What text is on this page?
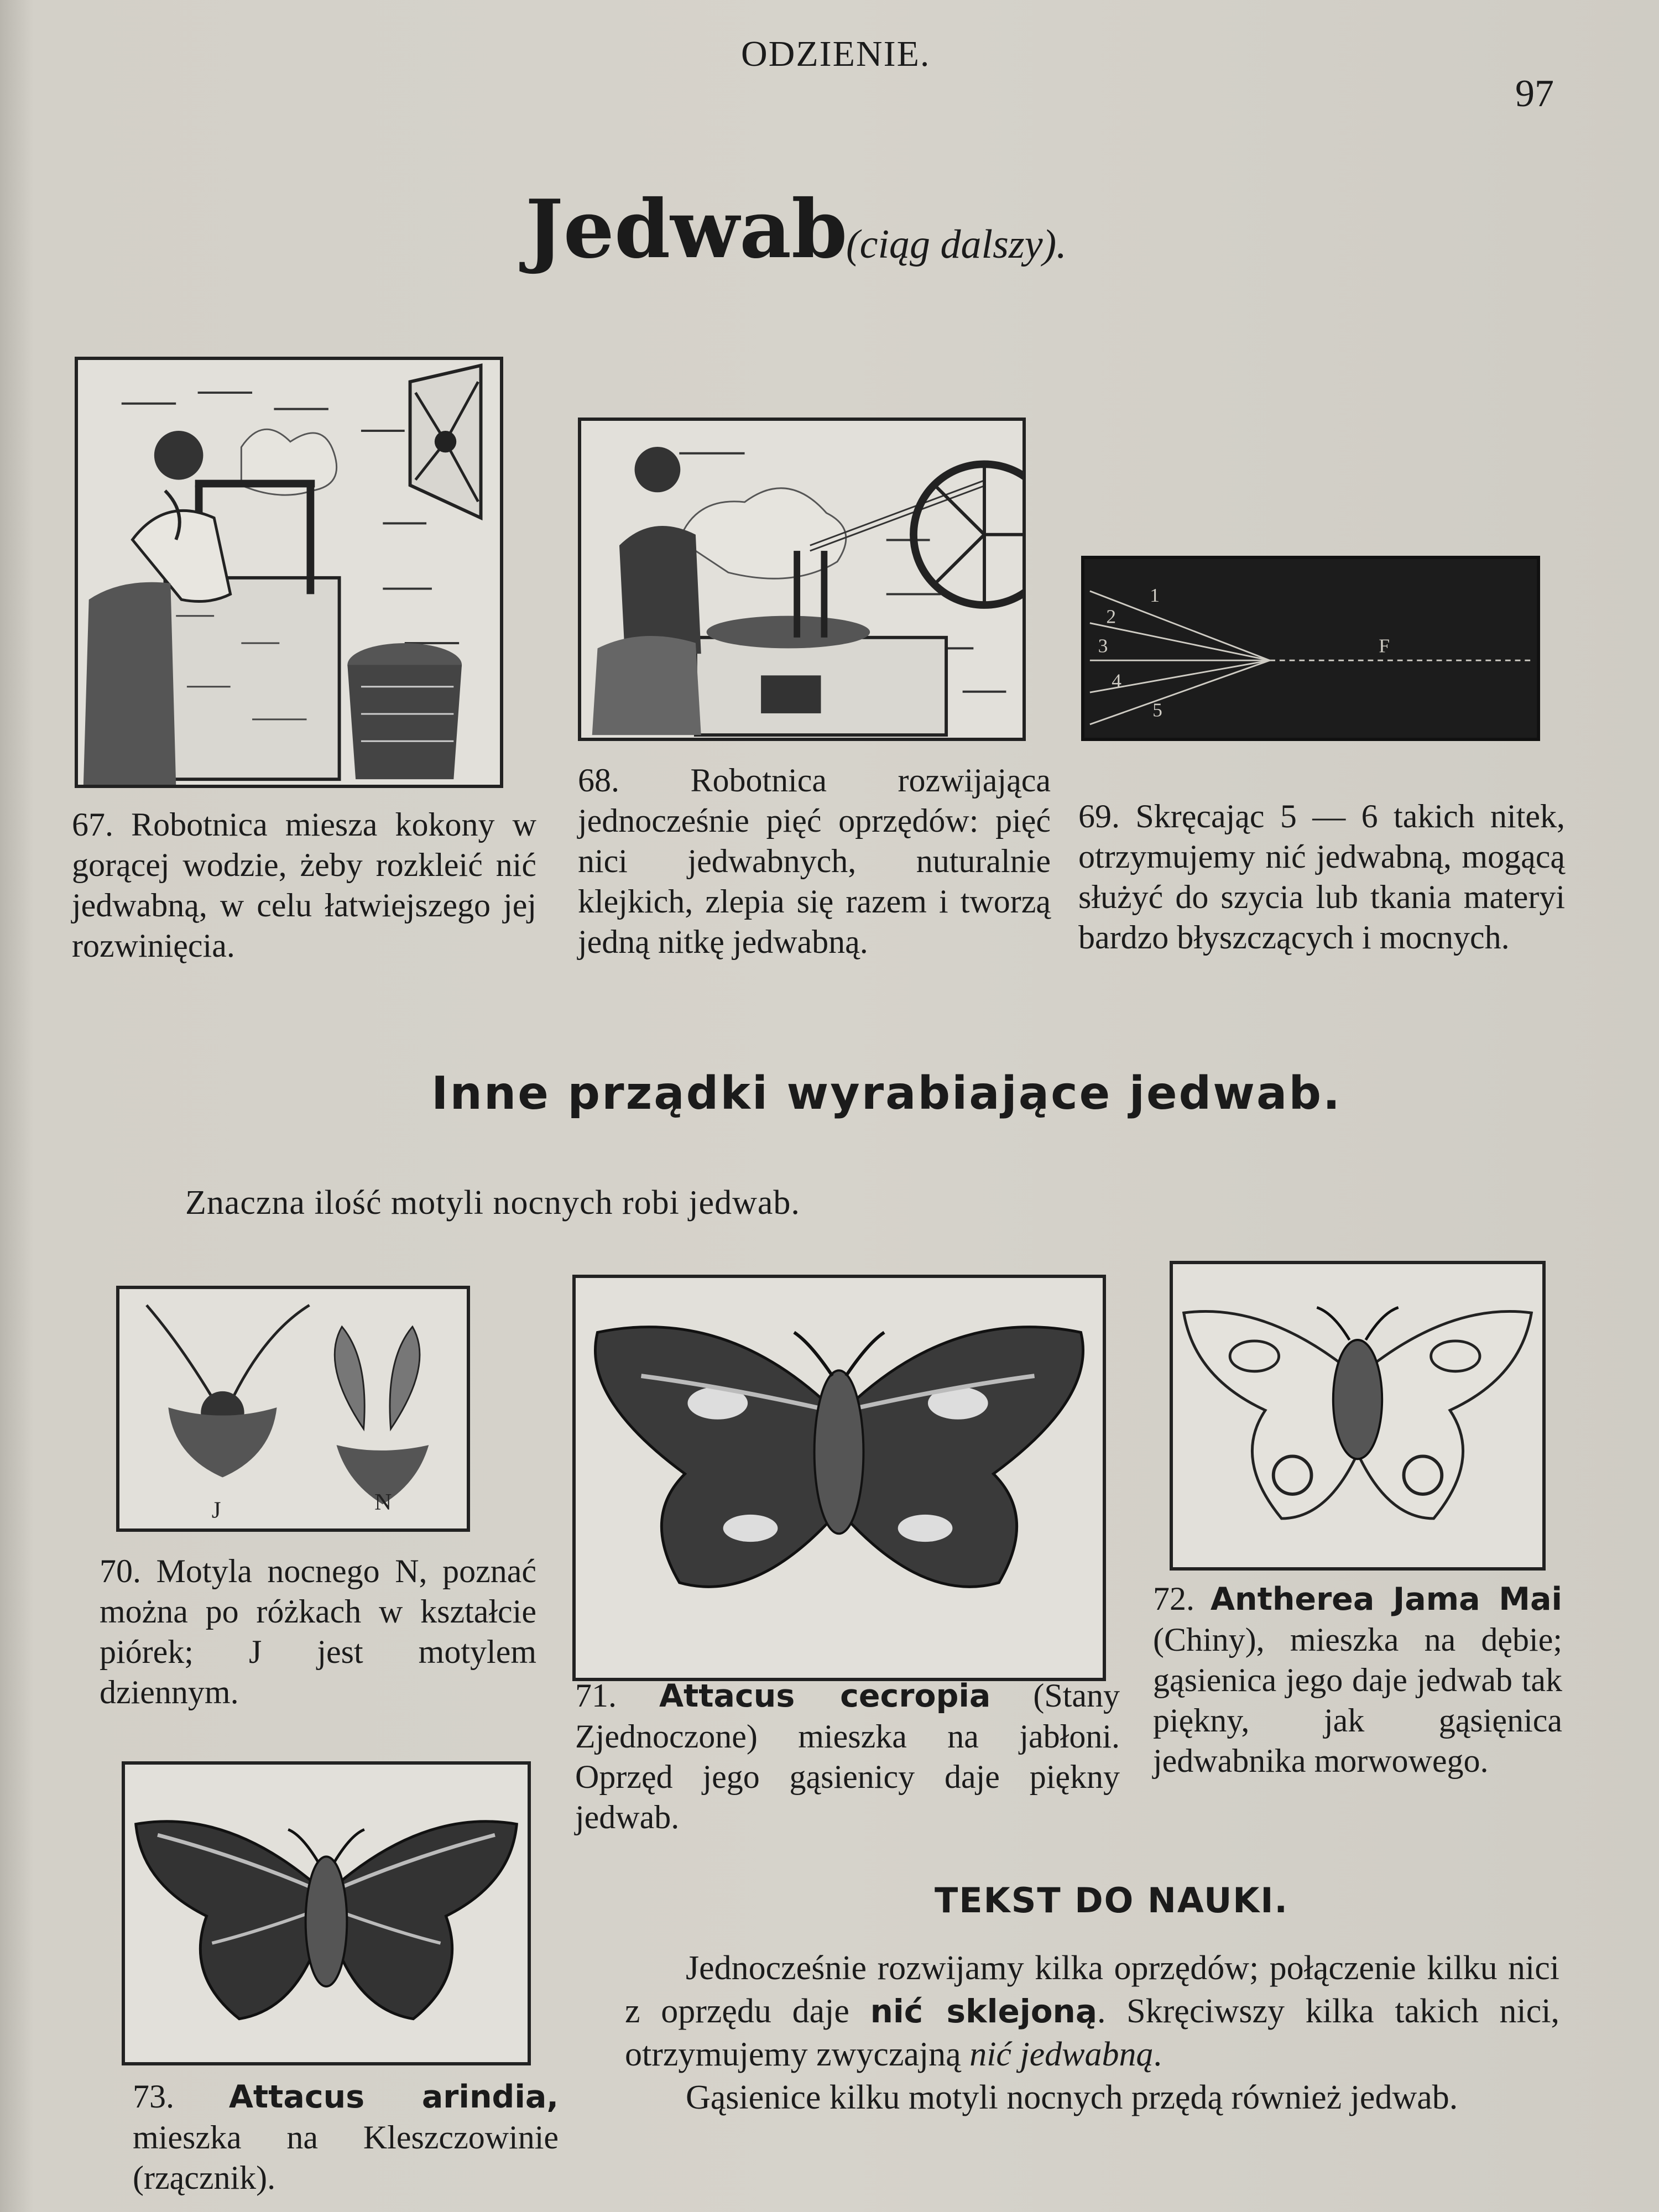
ODZIENIE.
97
Jedwab
(ciąg dalszy).
67. Robotnica miesza kokony w gorącej wodzie, żeby rozkleić nić jedwabną, w celu łatwiejszego jej rozwinięcia.
68. Robotnica rozwijająca jednocześnie pięć oprzędów: pięć nici jedwabnych, nuturalnie klejkich, zlepia się razem i tworzą jedną nitkę jedwabną.
1
2
3
4
5
F
69. Skręcając 5 — 6 takich nitek, otrzymujemy nić jedwabną, mogącą służyć do szycia lub tkania materyi bardzo błyszczących i mocnych.
Inne prządki wyrabiające jedwab.
Znaczna ilość motyli nocnych robi jedwab.
J	N
70. Motyla nocnego N, poznać można po różkach w kształcie piórek; J jest motylem dziennym.	71. Attacus cecropia (Stany Zjednoczone) mieszka na jabłoni. Oprzęd jego gąsienicy daje piękny jedwab.
72. Antherea Jama Mai (Chiny), mieszka na dębie; gąsienica jego daje jedwab tak piękny, jak gąsięnica jedwabnika morwowego.
73. Attacus arindia, mieszka na Kleszczowinie (rzącznik).
TEKST DO NAUKI.

Jednocześnie rozwijamy kilka oprzędów; połączenie kilku nici z oprzędu daje nić sklejoną. Skręciwszy kilka takich nici, otrzymujemy zwyczajną nić jedwabną.

Gąsienice kilku motyli nocnych przędą również jedwab.
